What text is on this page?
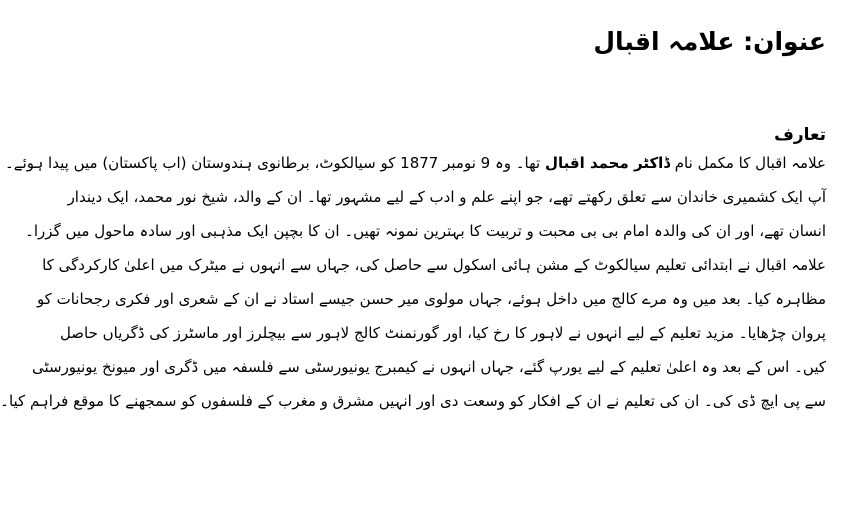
عنوان: علامہ اقبال
تعارف
علامہ اقبال کا مکمل نام ڈاکٹر محمد اقبال تھا۔ وہ 9 نومبر 1877 کو سیالکوٹ، برطانوی ہندوستان (اب پاکستان) میں پیدا ہوئے۔
آپ ایک کشمیری خاندان سے تعلق رکھتے تھے، جو اپنے علم و ادب کے لیے مشہور تھا۔ ان کے والد، شیخ نور محمد، ایک دیندار
انسان تھے، اور ان کی والدہ امام بی بی محبت و تربیت کا بہترین نمونہ تھیں۔ ان کا بچپن ایک مذہبی اور سادہ ماحول میں گزرا۔
علامہ اقبال نے ابتدائی تعلیم سیالکوٹ کے مشن ہائی اسکول سے حاصل کی، جہاں سے انہوں نے میٹرک میں اعلیٰ کارکردگی کا
مظاہرہ کیا۔ بعد میں وہ مرے کالج میں داخل ہوئے، جہاں مولوی میر حسن جیسے استاد نے ان کے شعری اور فکری رجحانات کو
پروان چڑھایا۔ مزید تعلیم کے لیے انہوں نے لاہور کا رخ کیا، اور گورنمنٹ کالج لاہور سے بیچلرز اور ماسٹرز کی ڈگریاں حاصل
کیں۔ اس کے بعد وہ اعلیٰ تعلیم کے لیے یورپ گئے، جہاں انہوں نے کیمبرج یونیورسٹی سے فلسفہ میں ڈگری اور میونخ یونیورسٹی
سے پی ایچ ڈی کی۔ ان کی تعلیم نے ان کے افکار کو وسعت دی اور انہیں مشرق و مغرب کے فلسفوں کو سمجھنے کا موقع فراہم کیا۔
